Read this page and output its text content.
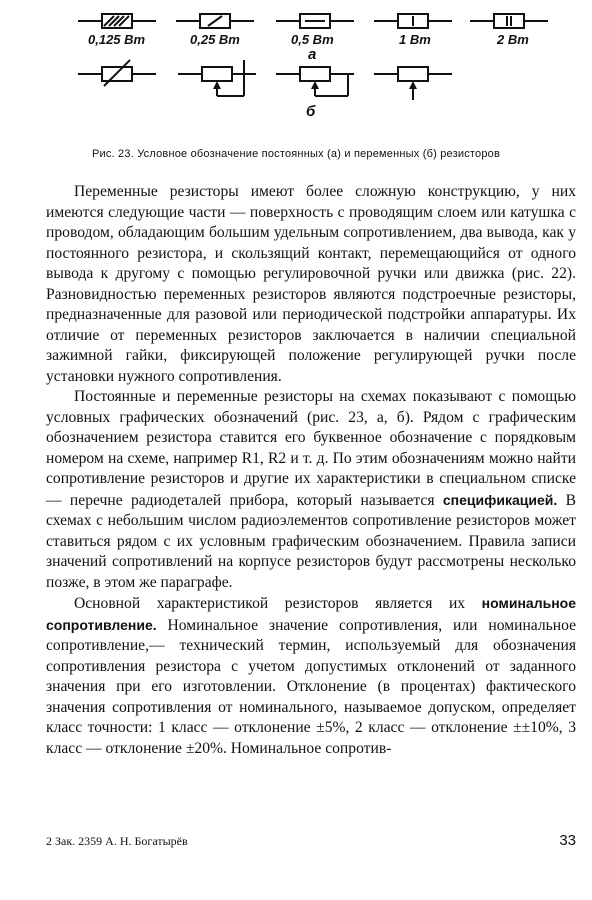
0,125 Вт	0,25 Вт	0,5 Вт	1 Вт	2 Вт
а
б
Рис. 23. Условное обозначение постоянных (а) и переменных (б) резисторов

Переменные резисторы имеют более сложную конструкцию, у них имеются следующие части — поверхность с проводящим слоем или катушка с проводом, обладающим большим удельным сопротивлением, два вывода, как у постоянного резистора, и скользящий контакт, перемещающийся от одного вывода к другому с помощью регулировочной ручки или движка (рис. 22). Разновидностью переменных резисторов являются подстроечные резисторы, предназначенные для разовой или периодической подстройки аппаратуры. Их отличие от переменных резисторов заключается в наличии специальной зажимной гайки, фиксирующей положение регулирующей ручки после установки нужного сопротивления.

Постоянные и переменные резисторы на схемах показывают с помощью условных графических обозначений (рис. 23, а, б). Рядом с графическим обозначением резистора ставится его буквенное обозначение с порядковым номером на схеме, например R1, R2 и т. д. По этим обозначениям можно найти сопротивление резисторов и другие их характеристики в специальном списке — перечне радиодеталей прибора, который называется спецификацией. В схемах с небольшим числом радиоэлементов сопротивление резисторов может ставиться рядом с их условным графическим обозначением. Правила записи значений сопротивлений на корпусе резисторов будут рассмотрены несколько позже, в этом же параграфе.

Основной характеристикой резисторов является их номинальное сопротивление. Номинальное значение сопротивления, или номинальное сопротивление,— технический термин, используемый для обозначения сопротивления резистора с учетом допустимых отклонений от заданного значения при его изготовлении. Отклонение (в процентах) фактического значения сопротивления от номинального, называемое допуском, определяет класс точности: 1 класс — отклонение ±5%, 2 класс — отклонение ±±10%, 3 класс — отклонение ±20%. Номинальное сопротив-

2 Зак. 2359 А. Н. Богатырёв	33
